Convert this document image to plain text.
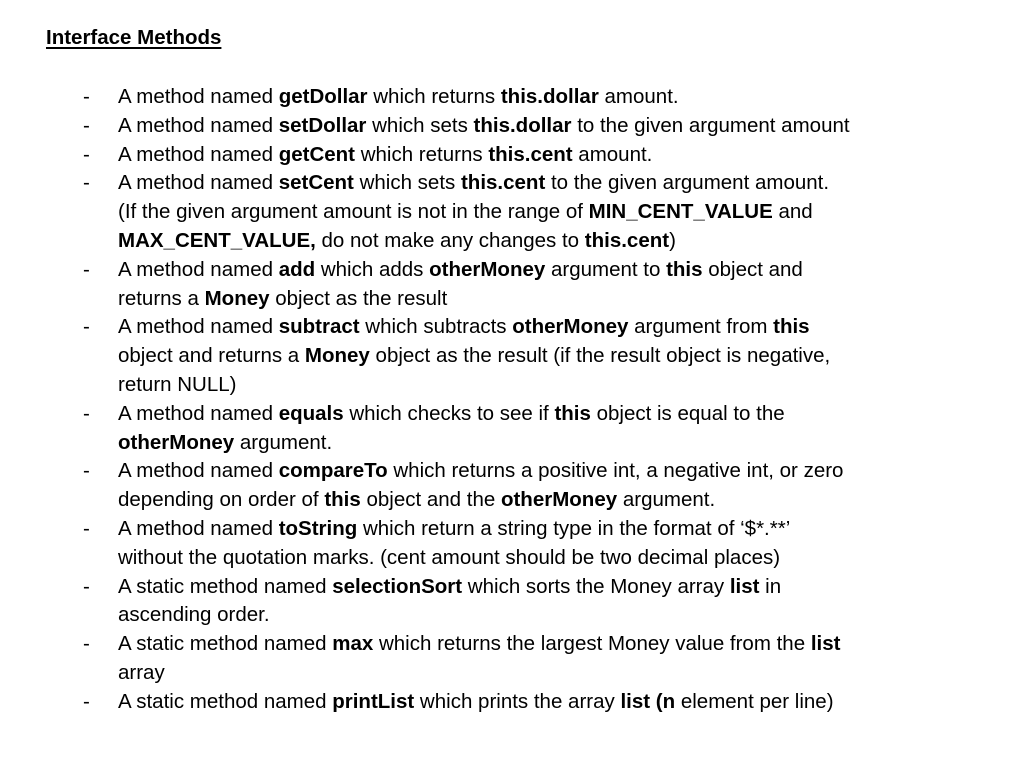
Interface Methods
- A method named getDollar which returns this.dollar amount.
- A method named setDollar which sets this.dollar to the given argument amount
- A method named getCent which returns this.cent amount.
- A method named setCent which sets this.cent to the given argument amount.
(If the given argument amount is not in the range of MIN_CENT_VALUE and
MAX_CENT_VALUE, do not make any changes to this.cent)
- A method named add which adds otherMoney argument to this object and
returns a Money object as the result
- A method named subtract which subtracts otherMoney argument from this
object and returns a Money object as the result (if the result object is negative,
return NULL)
- A method named equals which checks to see if this object is equal to the
otherMoney argument.
- A method named compareTo which returns a positive int, a negative int, or zero
depending on order of this object and the otherMoney argument.
- A method named toString which return a string type in the format of ‘$*.**’
without the quotation marks. (cent amount should be two decimal places)
- A static method named selectionSort which sorts the Money array list in
ascending order.
- A static method named max which returns the largest Money value from the list
array
- A static method named printList which prints the array list (n element per line)
